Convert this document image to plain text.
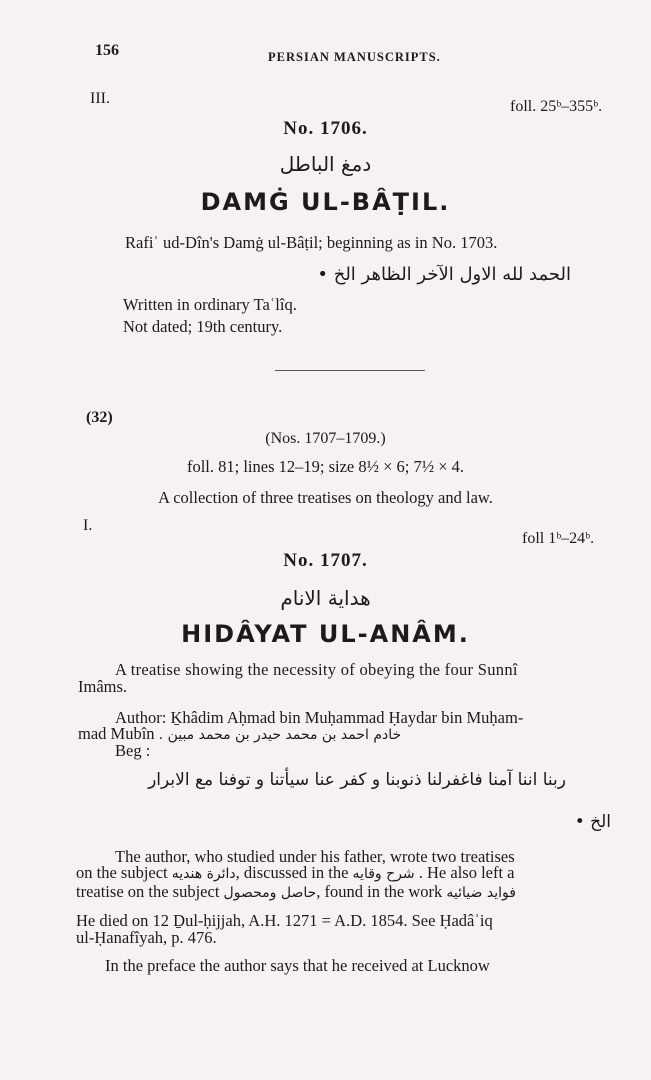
156	PERSIAN MANUSCRIPTS.
III.	foll. 25ᵇ–355ᵇ.
No. 1706.
دمغ الباطل
DAMĠ UL-BÂṬIL.
Rafiʿ ud-Dîn's Damġ ul-Bâṭil; beginning as in No. 1703.
الحمد لله الاول الآخر الظاهر الخ •
Written in ordinary Taʿlîq.
Not dated; 19th century.
(32)
(Nos. 1707–1709.)
foll. 81; lines 12–19; size 8½ × 6; 7½ × 4.
A collection of three treatises on theology and law.
I.
foll 1ᵇ–24ᵇ.
No. 1707.
هداية الانام
HIDÂYAT UL-ANÂM.
A treatise showing the necessity of obeying the four Sunnî
Imâms.
Author: Ḵhâdim Aḥmad bin Muḥammad Ḥaydar bin Muḥam-
mad Mubîn خادم احمد بن محمد حيدر بن محمد مبين .
Beg :
ربنا اننا آمنا فاغفرلنا ذنوبنا و كفر عنا سيأتنا و توفنا مع الابرار
الخ •
The author, who studied under his father, wrote two treatises
on the subject دائرة هنديه, discussed in the شرح وقايه . He also left a
treatise on the subject حاصل ومحصول, found in the work فوايد ضيائيه
He died on 12 Ḏul-ḥijjah, A.H. 1271 = A.D. 1854. See Ḥadâʾiq
ul-Ḥanafîyah, p. 476.
In the preface the author says that he received at Lucknow
